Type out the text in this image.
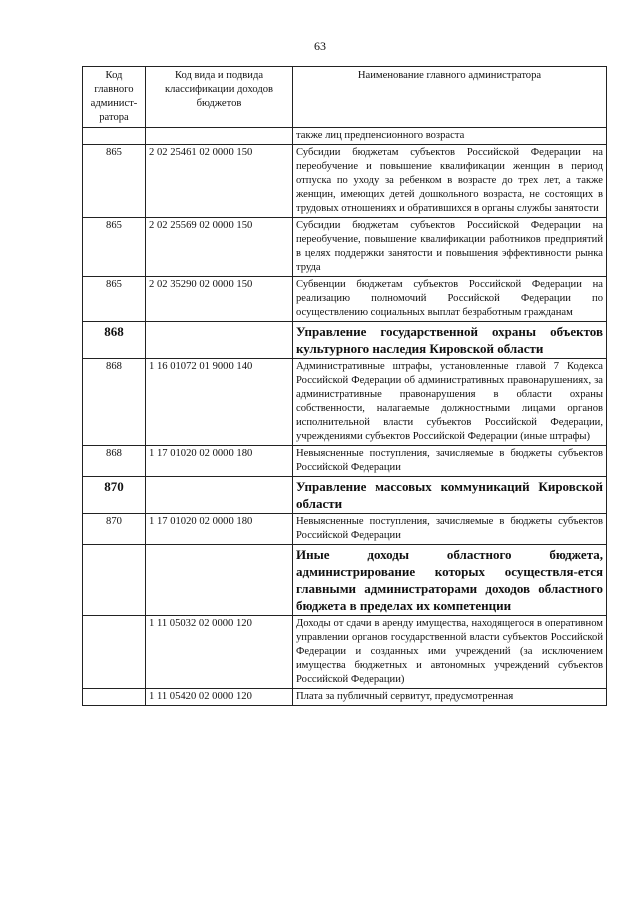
63
Код главного админист-ратора	Код вида и подвида классификации доходов бюджетов	Наименование главного администратора
		также лиц предпенсионного возраста
865	2 02 25461 02 0000 150	Субсидии бюджетам субъектов Российской Федерации на переобучение и повышение квалификации женщин в период отпуска по уходу за ребенком в возрасте до трех лет, а также женщин, имеющих детей дошкольного возраста, не состоящих в трудовых отношениях и обратившихся в органы службы занятости
865	2 02 25569 02 0000 150	Субсидии бюджетам субъектов Российской Федерации на переобучение, повышение квалификации работников предприятий в целях поддержки занятости и повышения эффективности рынка труда
865	2 02 35290 02 0000 150	Субвенции бюджетам субъектов Российской Федерации на реализацию полномочий Российской Федерации по осуществлению социальных выплат безработным гражданам
868		Управление государственной охраны объектов культурного наследия Кировской области
868	1 16 01072 01 9000 140	Административные штрафы, установленные главой 7 Кодекса Российской Федерации об административных правонарушениях, за административные правонарушения в области охраны собственности, налагаемые должностными лицами органов исполнительной власти субъектов Российской Федерации, учреждениями субъектов Российской Федерации (иные штрафы)
868	1 17 01020 02 0000 180	Невыясненные поступления, зачисляемые в бюджеты субъектов Российской Федерации
870		Управление массовых коммуникаций Кировской области
870	1 17 01020 02 0000 180	Невыясненные поступления, зачисляемые в бюджеты субъектов Российской Федерации
		Иные доходы областного бюджета, администрирование которых осуществля-ется главными администраторами доходов областного бюджета в пределах их компетенции
	1 11 05032 02 0000 120	Доходы от сдачи в аренду имущества, находящегося в оперативном управлении органов государственной власти субъектов Российской Федерации и созданных ими учреждений (за исключением имущества бюджетных и автономных учреждений субъектов Российской Федерации)
	1 11 05420 02 0000 120	Плата за публичный сервитут, предусмотренная
